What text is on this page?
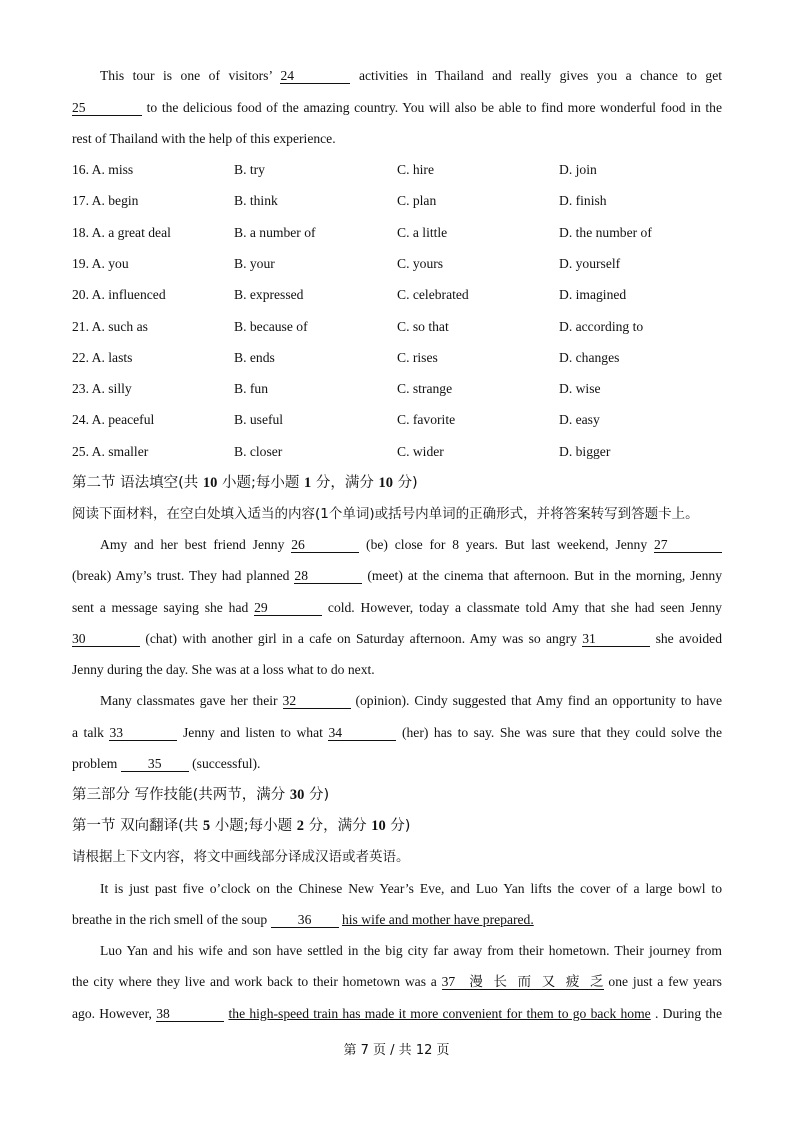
This tour is one of visitors’ 24	activities in Thailand and really gives you a chance to get
25	to the delicious food of the amazing country. You will also be able to find more wonderful food in the
rest of Thailand with the help of this experience.
16. A. miss	B. try	C. hire	D. join
17. A. begin	B. think	C. plan	D. finish
18. A. a great deal	B. a number of	C. a little	D. the number of
19. A. you	B. your	C. yours	D. yourself
20. A. influenced	B. expressed	C. celebrated	D. imagined
21. A. such as	B. because of	C. so that	D. according to
22. A. lasts	B. ends	C. rises	D. changes
23. A. silly	B. fun	C. strange	D. wise
24. A. peaceful	B. useful	C. favorite	D. easy
25. A. smaller	B. closer	C. wider	D. bigger
第二节 语法填空(共 10 小题;每小题 1 分，满分 10 分)
阅读下面材料，在空白处填入适当的内容(1个单词)或括号内单词的正确形式，并将答案转写到答题卡上。
Amy and her best friend Jenny 26	(be) close for 8 years. But last weekend, Jenny 27
(break) Amy’s trust. They had planned 28	(meet) at the cinema that afternoon. But in the morning, Jenny
sent a message saying she had 29	cold. However, today a classmate told Amy that she had seen Jenny
30	(chat) with another girl in a cafe on Saturday afternoon. Amy was so angry 31	she avoided
Jenny during the day. She was at a loss what to do next.
Many classmates gave her their 32	(opinion). Cindy suggested that Amy find an opportunity to have
a talk 33	Jenny and listen to what 34	(her) has to say. She was sure that they could solve the
problem 35 (successful).
第三部分 写作技能(共两节，满分 30 分)
第一节 双向翻译(共 5 小题;每小题 2 分，满分 10 分)
请根据上下文内容，将文中画线部分译成汉语或者英语。
It is just past five o’clock on the Chinese New Year’s Eve, and Luo Yan lifts the cover of a large bowl to
breathe in the rich smell of the soup 36 his wife and mother have prepared.
Luo Yan and his wife and son have settled in the big city far away from their hometown. Their journey from
the city where they live and work back to their hometown was a 37 漫长而又疲乏 one just a few years
ago. However, 38	the high-speed train has made it more convenient for them to go back home . During the
第 7 页 / 共 12 页
